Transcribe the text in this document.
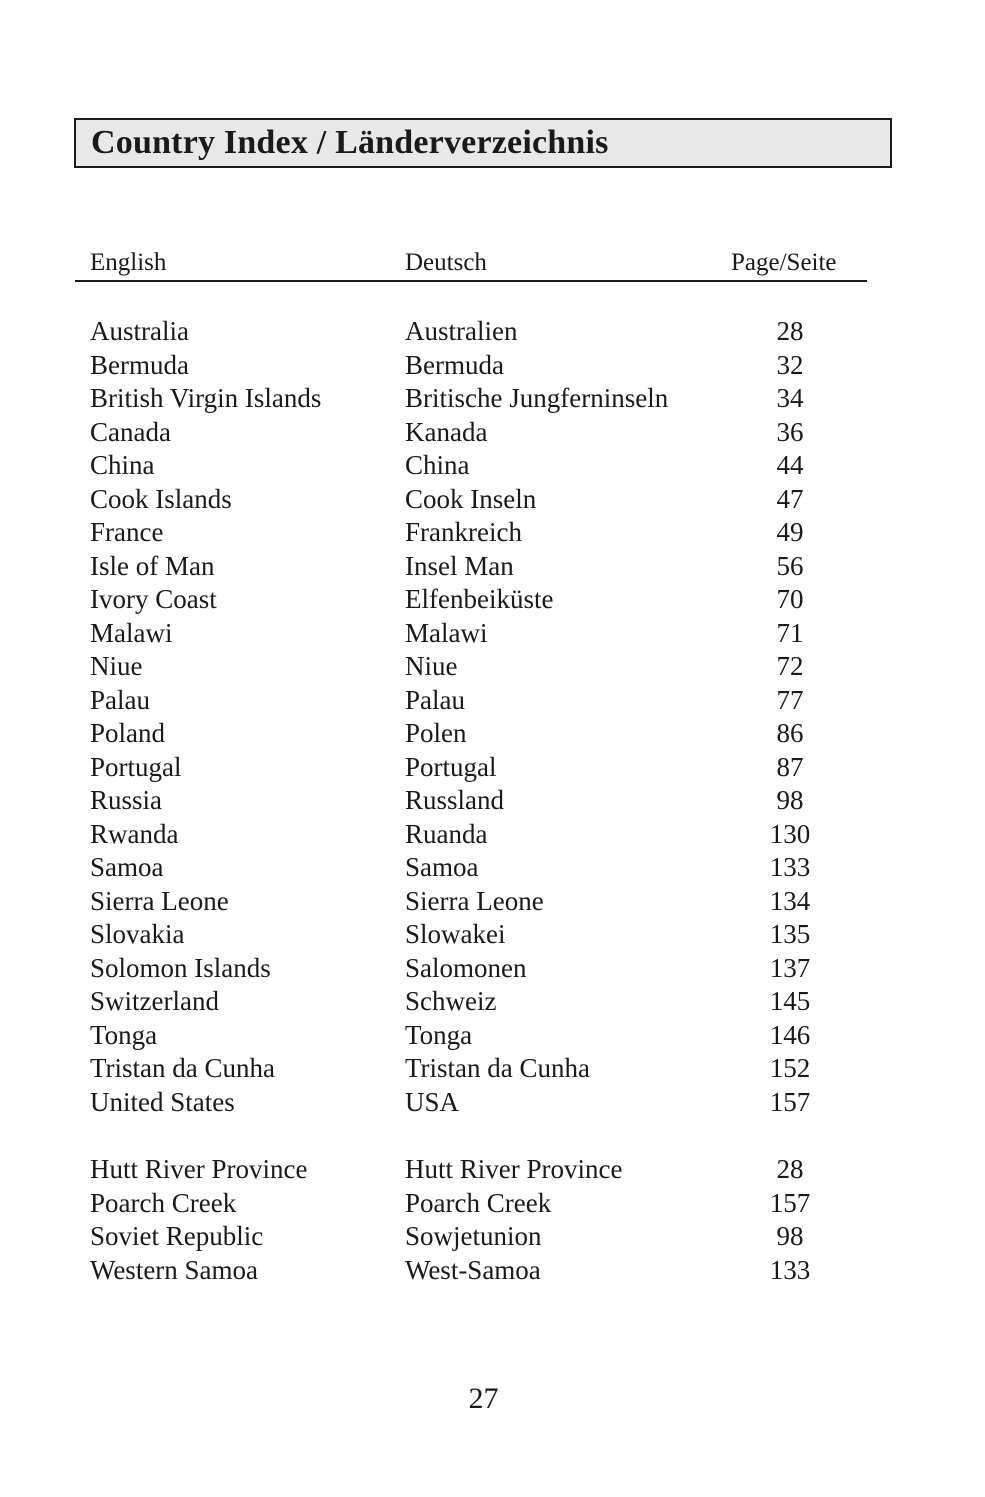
Country Index / Länderverzeichnis
English	Deutsch	Page/Seite
Australia	Australien	28
Bermuda	Bermuda	32
British Virgin Islands	Britische Jungferninseln	34
Canada	Kanada	36
China	China	44
Cook Islands	Cook Inseln	47
France	Frankreich	49
Isle of Man	Insel Man	56
Ivory Coast	Elfenbeiküste	70
Malawi	Malawi	71
Niue	Niue	72
Palau	Palau	77
Poland	Polen	86
Portugal	Portugal	87
Russia	Russland	98
Rwanda	Ruanda	130
Samoa	Samoa	133
Sierra Leone	Sierra Leone	134
Slovakia	Slowakei	135
Solomon Islands	Salomonen	137
Switzerland	Schweiz	145
Tonga	Tonga	146
Tristan da Cunha	Tristan da Cunha	152
United States	USA	157
Hutt River Province	Hutt River Province	28
Poarch Creek	Poarch Creek	157
Soviet Republic	Sowjetunion	98
Western Samoa	West-Samoa	133
27
